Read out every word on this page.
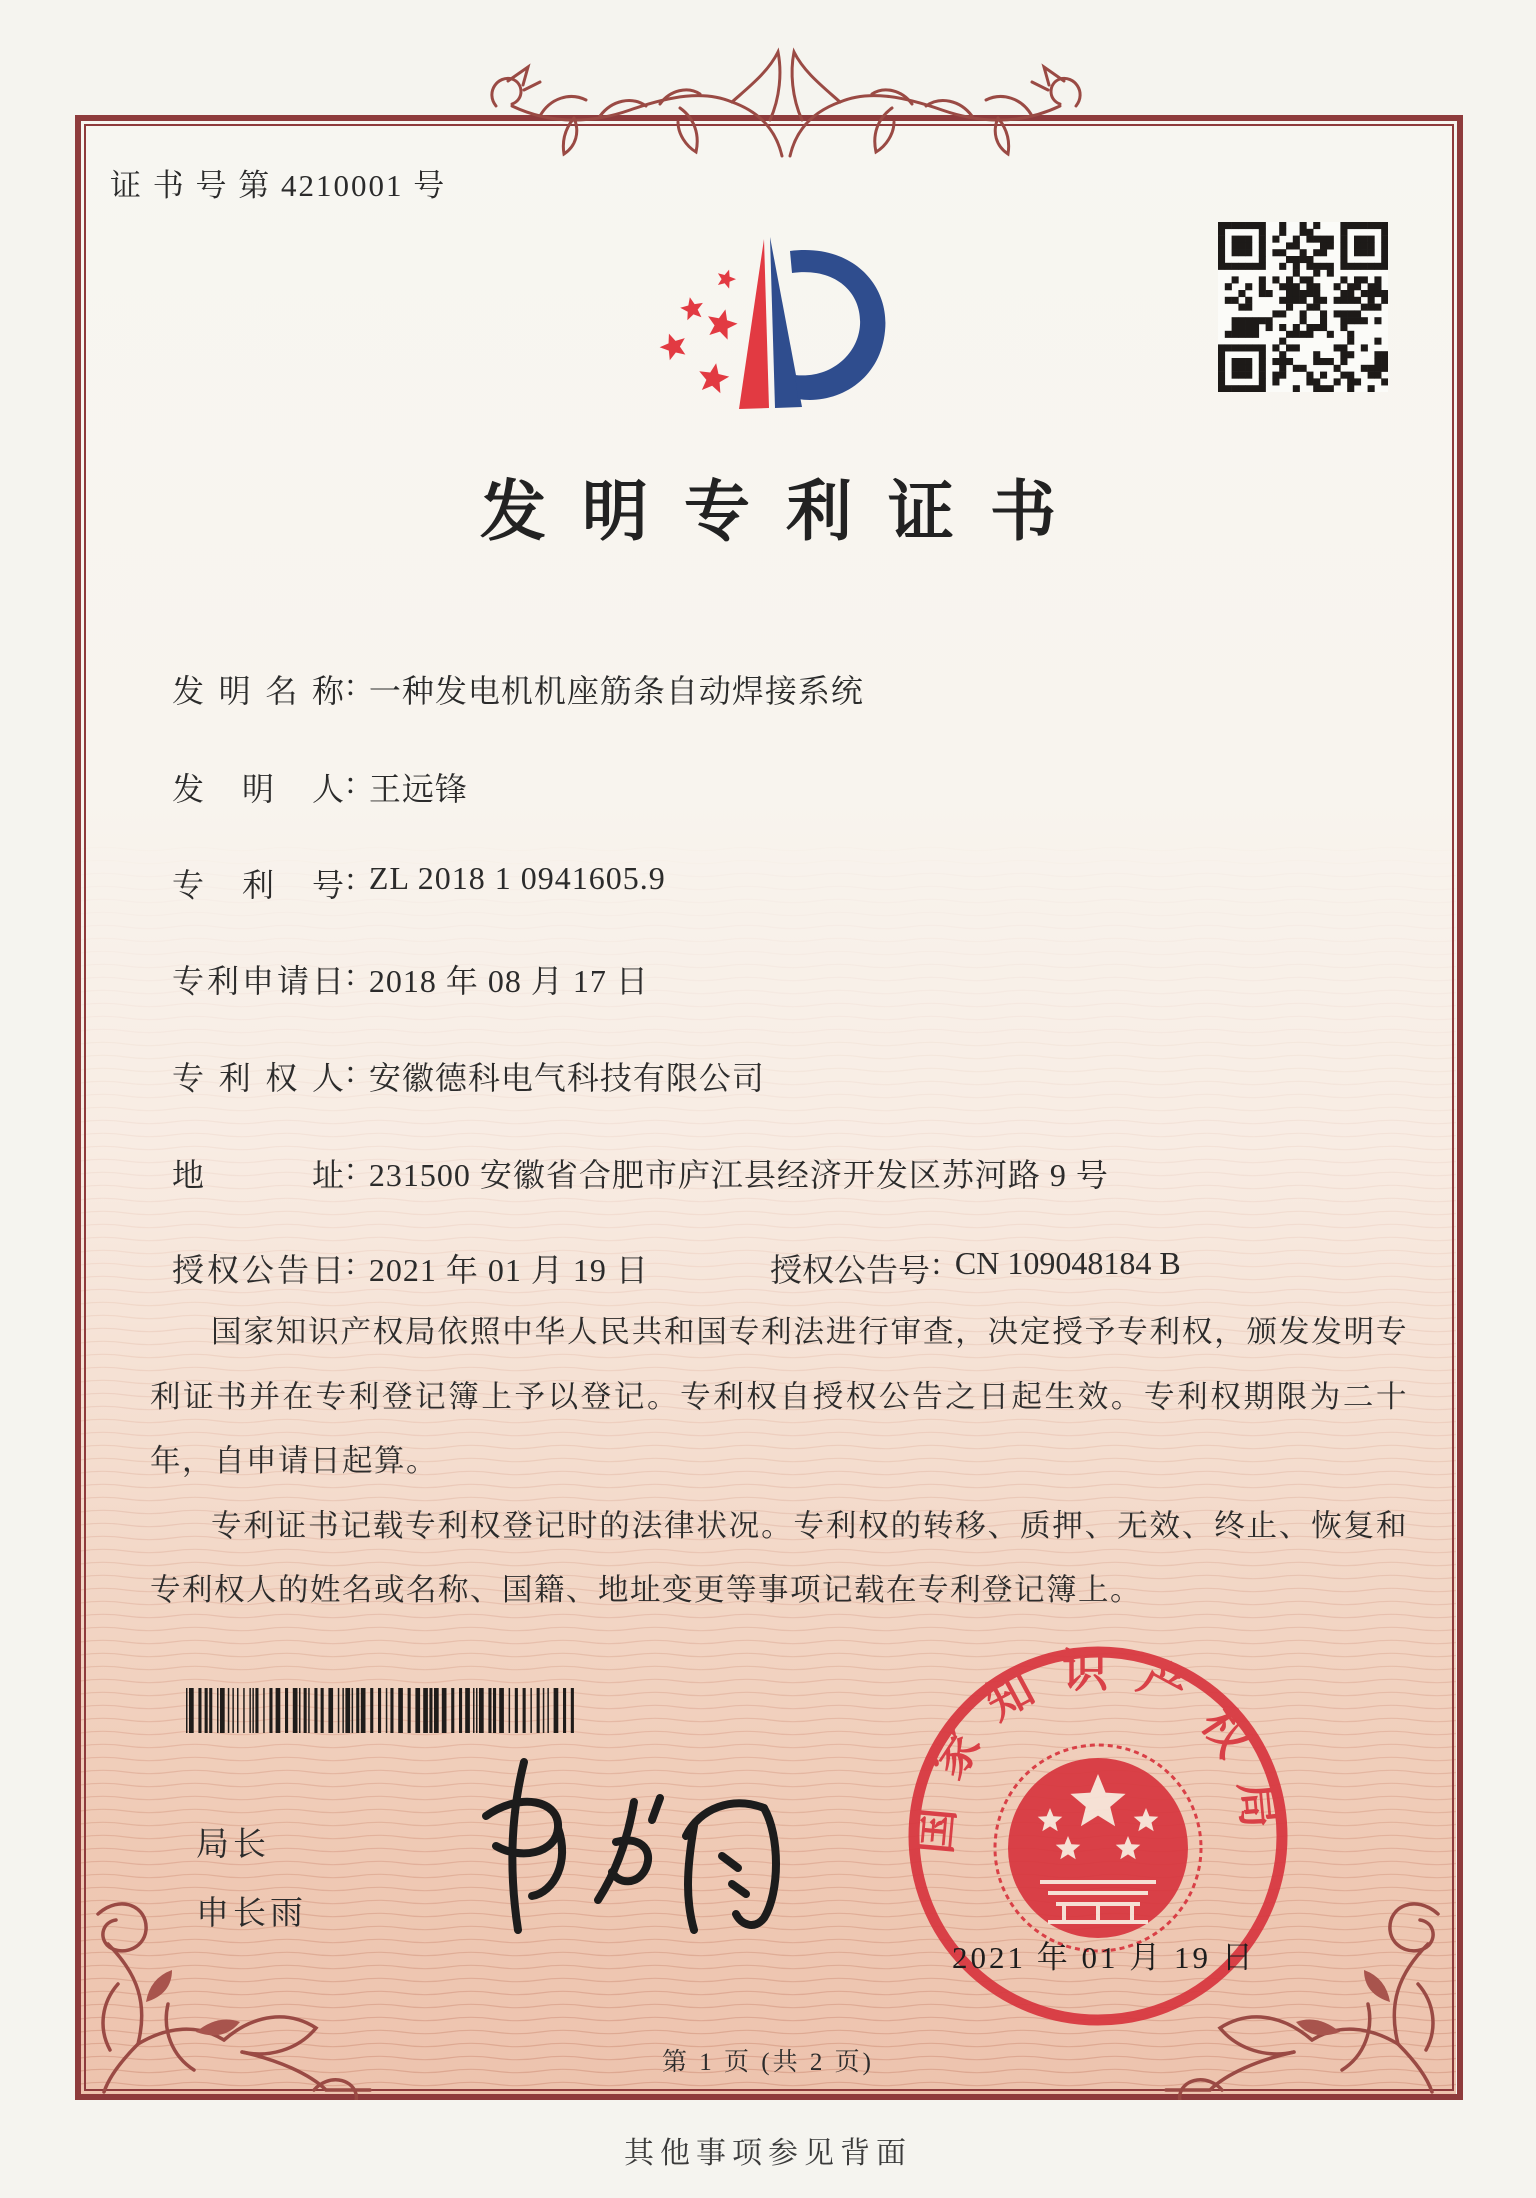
证 书 号 第 4210001 号
发明专利证书
发明名称 : 一种发电机机座筋条自动焊接系统
发明人 : 王远锋
专利号 : ZL 2018 1 0941605.9
专利申请日 : 2018 年 08 月 17 日
专利权人 : 安徽德科电气科技有限公司
地址 : 231500 安徽省合肥市庐江县经济开发区苏河路 9 号
授权公告日 : 2021 年 01 月 19 日	授权公告号 : CN 109048184 B

国家知识产权局依照中华人民共和国专利法进行审查，决定授予专利权，颁发发明专利证书并在专利登记簿上予以登记。专利权自授权公告之日起生效。专利权期限为二十年，自申请日起算。

专利证书记载专利权登记时的法律状况。专利权的转移、质押、无效、终止、恢复和专利权人的姓名或名称、国籍、地址变更等事项记载在专利登记簿上。

局长
申长雨
国家知识产权局
2021 年 01 月 19 日
第 1 页 (共 2 页)
其他事项参见背面
